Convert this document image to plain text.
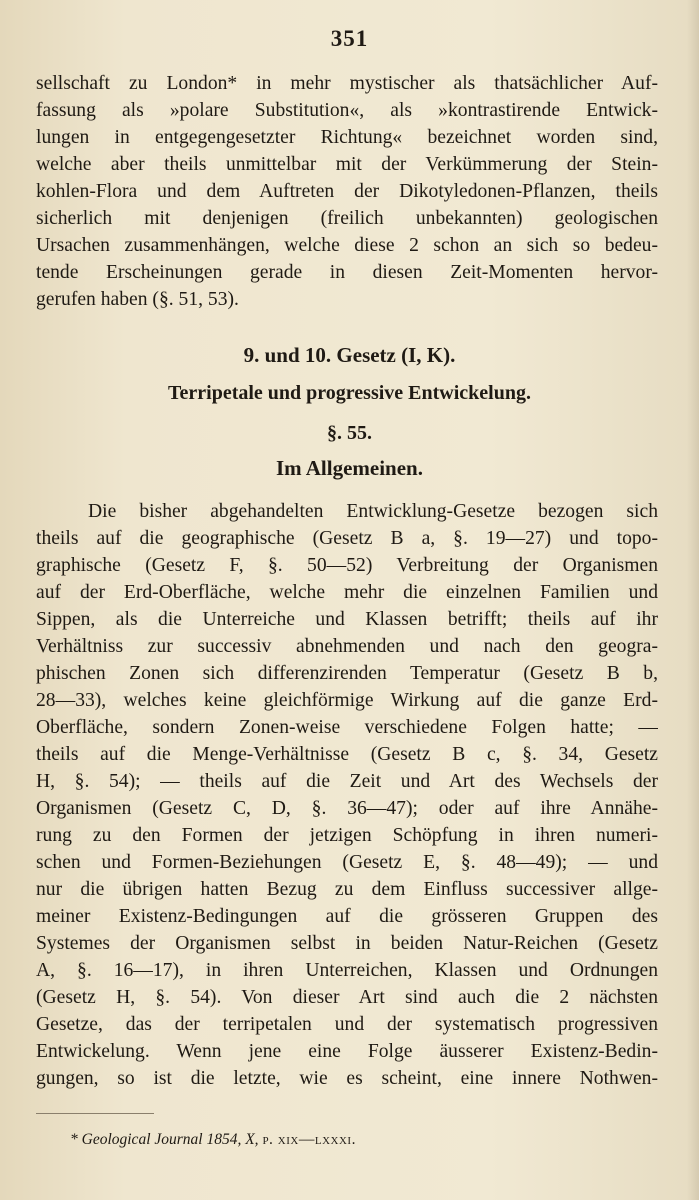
351
sellschaft zu London* in mehr mystischer als thatsächlicher Auf-
fassung als »polare Substitution«, als »kontrastirende Entwick-
lungen in entgegengesetzter Richtung« bezeichnet worden sind,
welche aber theils unmittelbar mit der Verkümmerung der Stein-
kohlen-Flora und dem Auftreten der Dikotyledonen-Pflanzen, theils
sicherlich mit denjenigen (freilich unbekannten) geologischen
Ursachen zusammenhängen, welche diese 2 schon an sich so bedeu-
tende Erscheinungen gerade in diesen Zeit-Momenten hervor-
gerufen haben (§. 51, 53).
9. und 10. Gesetz (I, K).
Terripetale und progressive Entwickelung.
§. 55.
Im Allgemeinen.
Die bisher abgehandelten Entwicklung-Gesetze bezogen sich
theils auf die geographische (Gesetz B a, §. 19—27) und topo-
graphische (Gesetz F, §. 50—52) Verbreitung der Organismen
auf der Erd-Oberfläche, welche mehr die einzelnen Familien und
Sippen, als die Unterreiche und Klassen betrifft; theils auf ihr
Verhältniss zur successiv abnehmenden und nach den geogra-
phischen Zonen sich differenzirenden Temperatur (Gesetz B b,
28—33), welches keine gleichförmige Wirkung auf die ganze Erd-
Oberfläche, sondern Zonen-weise verschiedene Folgen hatte; —
theils auf die Menge-Verhältnisse (Gesetz B c, §. 34, Gesetz
H, §. 54); — theils auf die Zeit und Art des Wechsels der
Organismen (Gesetz C, D, §. 36—47); oder auf ihre Annähe-
rung zu den Formen der jetzigen Schöpfung in ihren numeri-
schen und Formen-Beziehungen (Gesetz E, §. 48—49); — und
nur die übrigen hatten Bezug zu dem Einfluss successiver allge-
meiner Existenz-Bedingungen auf die grösseren Gruppen des
Systemes der Organismen selbst in beiden Natur-Reichen (Gesetz
A, §. 16—17), in ihren Unterreichen, Klassen und Ordnungen
(Gesetz H, §. 54). Von dieser Art sind auch die 2 nächsten
Gesetze, das der terripetalen und der systematisch progressiven
Entwickelung. Wenn jene eine Folge äusserer Existenz-Bedin-
gungen, so ist die letzte, wie es scheint, eine innere Nothwen-
* Geological Journal 1854, X, p. xix—lxxxi.
